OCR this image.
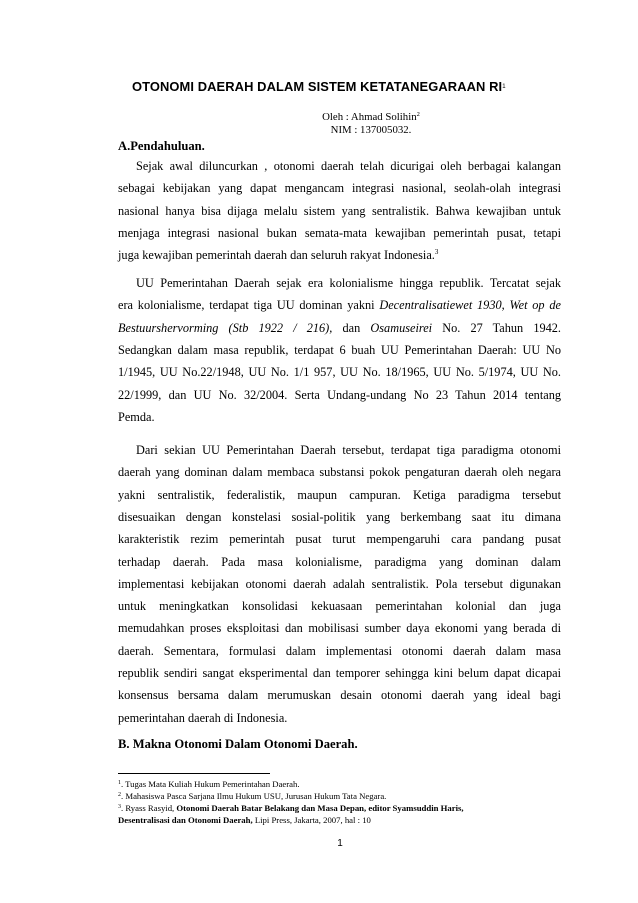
OTONOMI DAERAH DALAM SISTEM KETATANEGARAAN $RI^1$
Oleh : Ahmad Solihin$^2$
NIM : 137005032.
A.Pendahuluan.
Sejak awal diluncurkan , otonomi daerah telah dicurigai oleh berbagai kalangan
sebagai kebijakan yang dapat mengancam integrasi nasional, seolah-olah integrasi
nasional hanya bisa dijaga melalu sistem yang sentralistik. Bahwa kewajiban untuk
menjaga integrasi nasional bukan semata-mata kewajiban pemerintah pusat, tetapi
juga kewajiban pemerintah daerah dan seluruh rakyat Indonesia.$^3$
UU Pemerintahan Daerah sejak era kolonialisme hingga republik. Tercatat sejak
era kolonialisme, terdapat tiga UU dominan yakni Decentralisatiewet 1930, Wet op de
Bestuurshervorming (Stb 1922 / 216), dan Osamuseirei No. 27 Tahun 1942.
Sedangkan dalam masa republik, terdapat 6 buah UU Pemerintahan Daerah: UU No
1/1945, UU No.22/1948, UU No. 1/1 957, UU No. 18/1965, UU No. 5/1974, UU No.
22/1999, dan UU No. 32/2004. Serta Undang-undang No 23 Tahun 2014 tentang
Pemda.
Dari sekian UU Pemerintahan Daerah tersebut, terdapat tiga paradigma otonomi
daerah yang dominan dalam membaca substansi pokok pengaturan daerah oleh negara
yakni sentralistik, federalistik, maupun campuran. Ketiga paradigma tersebut
disesuaikan dengan konstelasi sosial-politik yang berkembang saat itu dimana
karakteristik rezim pemerintah pusat turut mempengaruhi cara pandang pusat
terhadap daerah. Pada masa kolonialisme, paradigma yang dominan dalam
implementasi kebijakan otonomi daerah adalah sentralistik. Pola tersebut digunakan
untuk meningkatkan konsolidasi kekuasaan pemerintahan kolonial dan juga
memudahkan proses eksploitasi dan mobilisasi sumber daya ekonomi yang berada di
daerah. Sementara, formulasi dalam implementasi otonomi daerah dalam masa
republik sendiri sangat eksperimental dan temporer sehingga kini belum dapat dicapai
konsensus bersama dalam merumuskan desain otonomi daerah yang ideal bagi
pemerintahan daerah di Indonesia.
B. Makna Otonomi Dalam Otonomi Daerah.
$^1$. Tugas Mata Kuliah Hukum Pemerintahan Daerah.
$^2$. Mahasiswa Pasca Sarjana Ilmu Hukum USU, Jurusan Hukum Tata Negara.
$^3$. Ryass Rasyid, Otonomi Daerah Batar Belakang dan Masa Depan, editor Syamsuddin Haris,
Desentralisasi dan Otonomi Daerah, Lipi Press, Jakarta, 2007, hal : 10
1
